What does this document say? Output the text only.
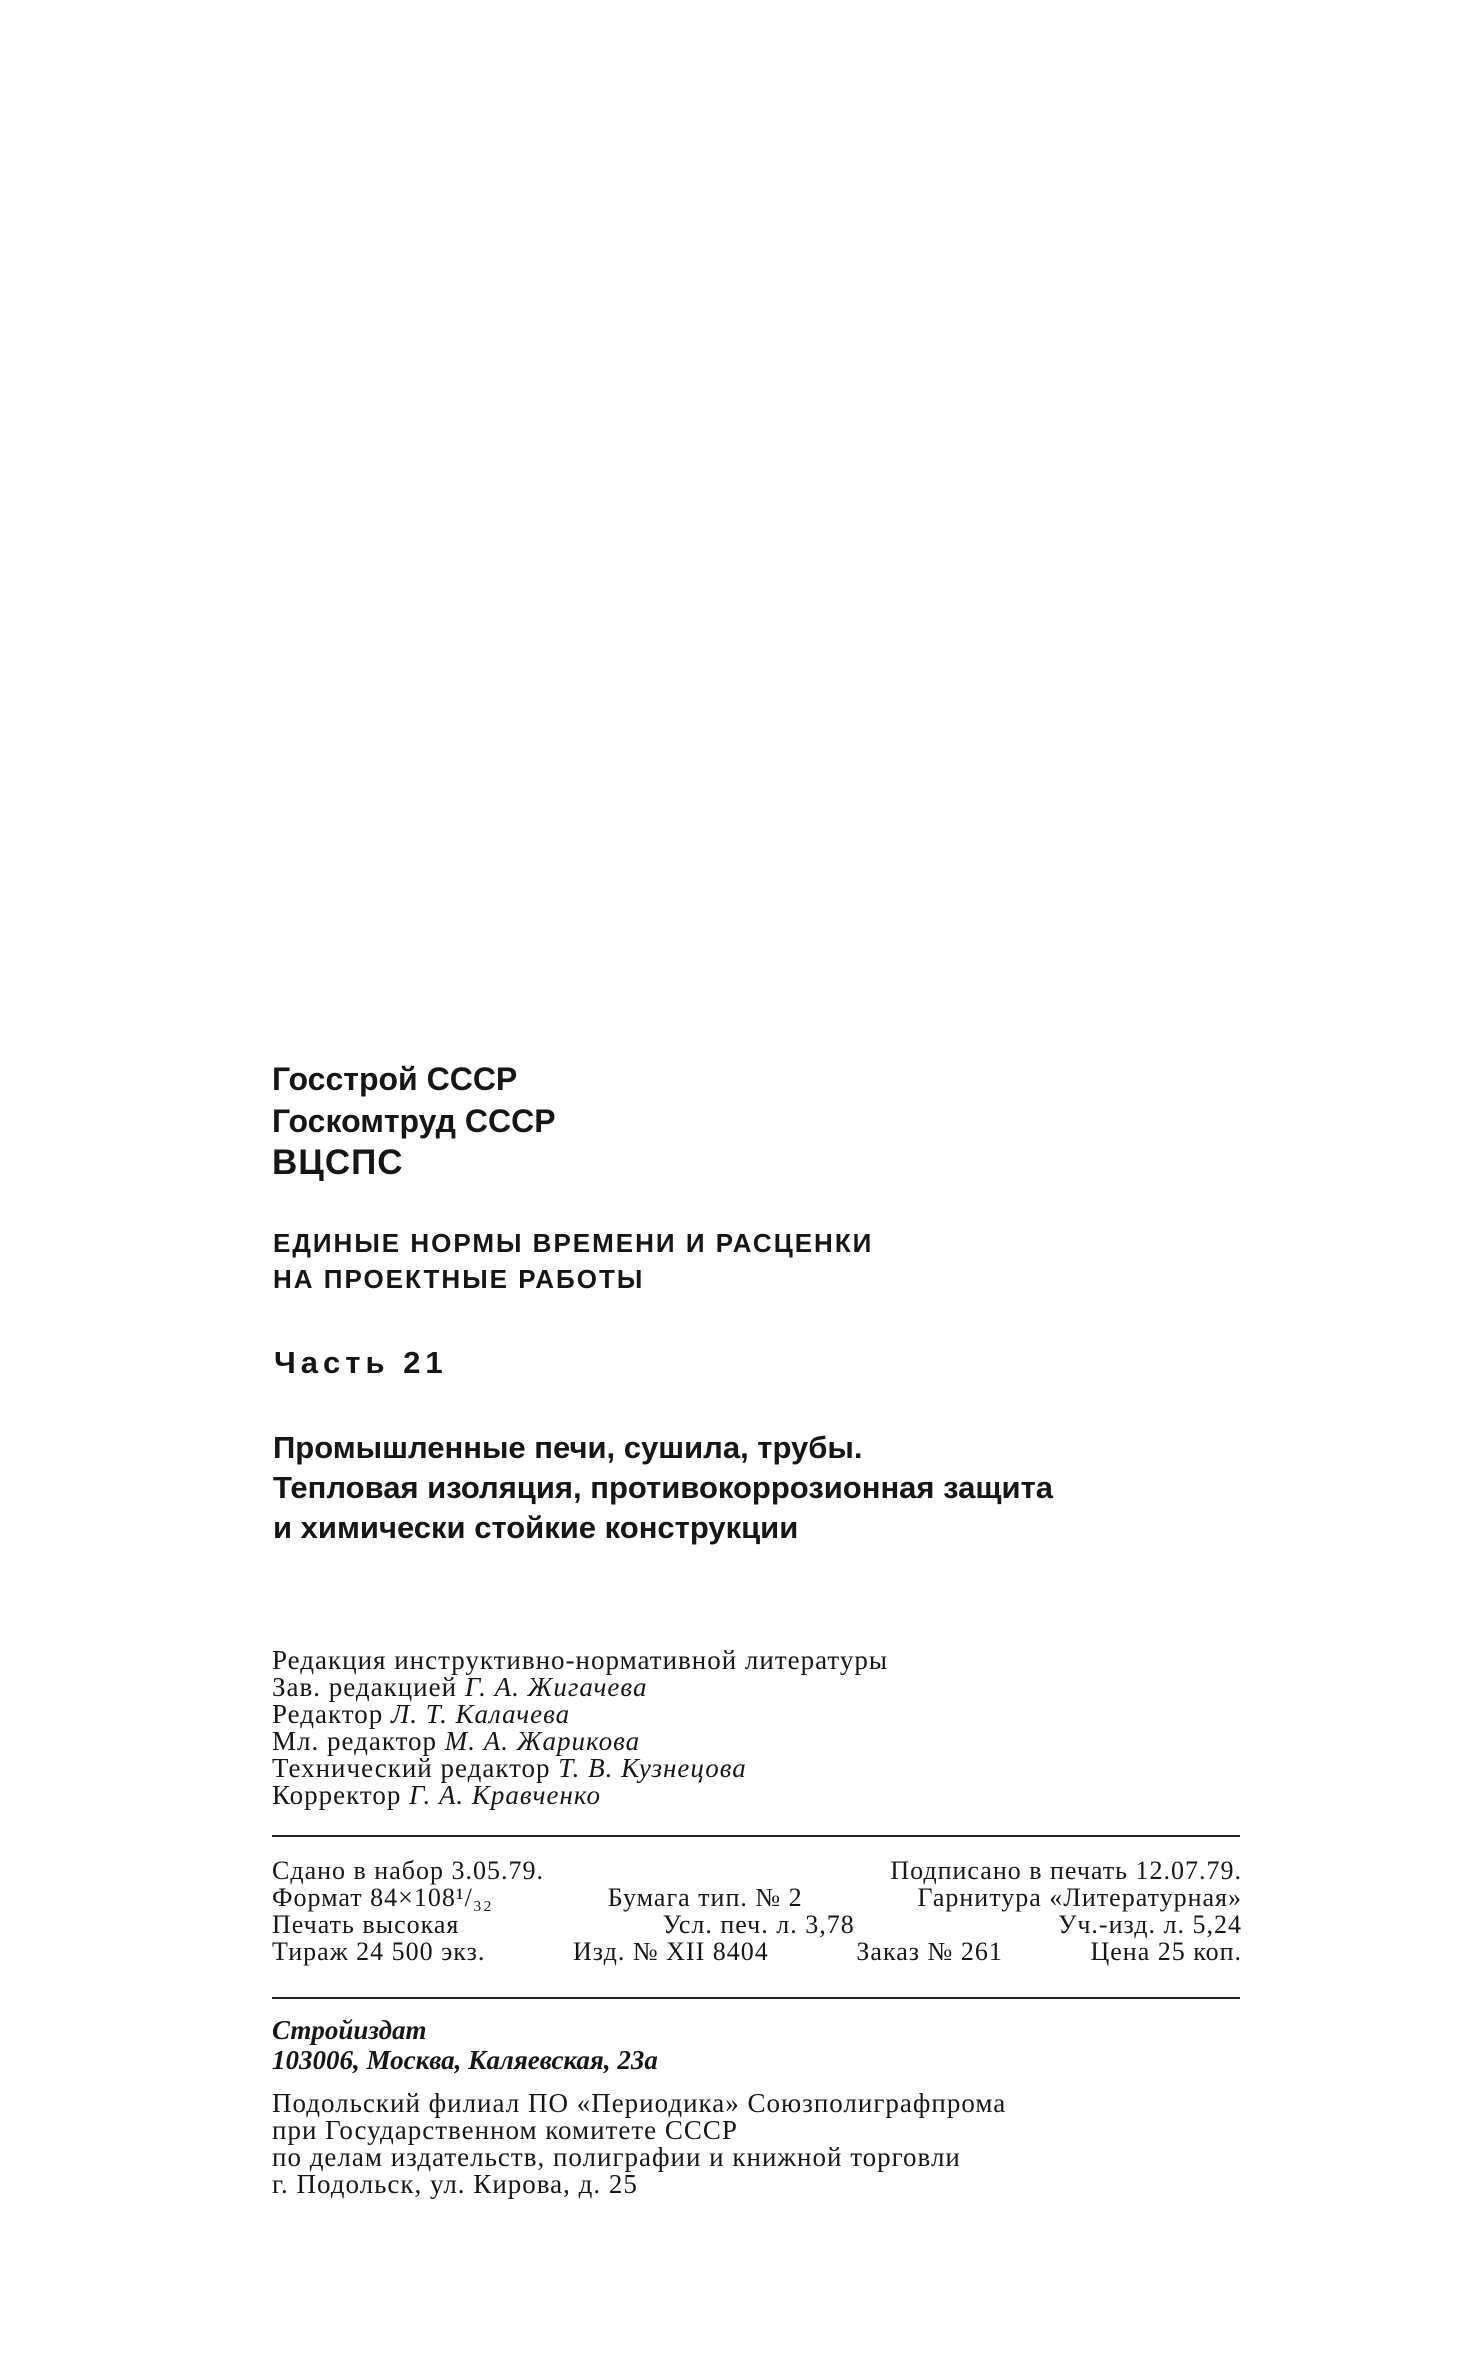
Госстрой СССР
Госкомтруд СССР
ВЦСПС
ЕДИНЫЕ НОРМЫ ВРЕМЕНИ И РАСЦЕНКИ
НА ПРОЕКТНЫЕ РАБОТЫ
Часть 21
Промышленные печи, сушила, трубы.
Тепловая изоляция, противокоррозионная защита
и химически стойкие конструкции
Редакция инструктивно-нормативной литературы
Зав. редакцией Г. А. Жигачева
Редактор Л. Т. Калачева
Мл. редактор М. А. Жарикова
Технический редактор Т. В. Кузнецова
Корректор Г. А. Кравченко
Сдано в набор 3.05.79.	Подписано в печать 12.07.79.
Формат 84×108¹/₃₂	Бумага тип. № 2	Гарнитура «Литературная»
Печать высокая	Усл. печ. л. 3,78	Уч.-изд. л. 5,24
Тираж 24 500 экз.	Изд. № XII 8404	Заказ № 261	Цена 25 коп.
Стройиздат
103006, Москва, Каляевская, 23а
Подольский филиал ПО «Периодика» Союзполиграфпрома
при Государственном комитете СССР
по делам издательств, полиграфии и книжной торговли
г. Подольск, ул. Кирова, д. 25
